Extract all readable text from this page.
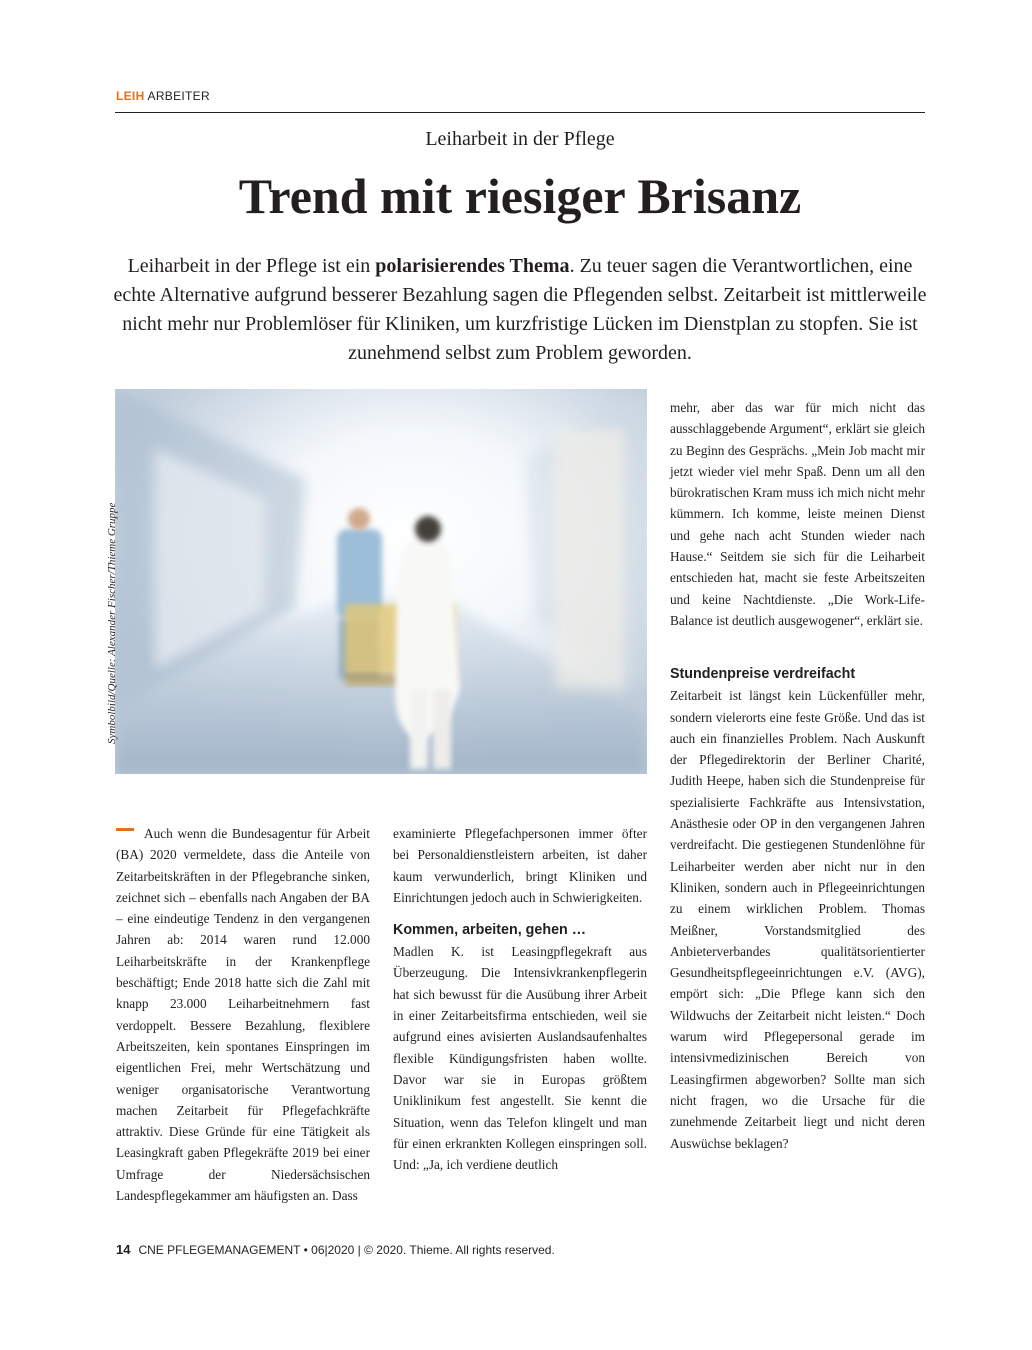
LEIH ARBEITER
Leiharbeit in der Pflege
Trend mit riesiger Brisanz

Leiharbeit in der Pflege ist ein polarisierendes Thema. Zu teuer sagen die Verantwortlichen, eine echte Alternative aufgrund besserer Bezahlung sagen die Pflegenden selbst. Zeitarbeit ist mittlerweile nicht mehr nur Problemlöser für Kliniken, um kurzfristige Lücken im Dienstplan zu stopfen. Sie ist zunehmend selbst zum Problem geworden.

Symbolbild/Quelle: Alexander Fischer/Thieme Gruppe

Auch wenn die Bundesagentur für Arbeit (BA) 2020 vermeldete, dass die Anteile von Zeitarbeitskräften in der Pflegebranche sinken, zeichnet sich – ebenfalls nach Angaben der BA – eine eindeutige Tendenz in den vergangenen Jahren ab: 2014 waren rund 12.000 Leiharbeitskräfte in der Krankenpflege beschäftigt; Ende 2018 hatte sich die Zahl mit knapp 23.000 Leiharbeitnehmern fast verdoppelt. Bessere Bezahlung, flexiblere Arbeitszeiten, kein spontanes Einspringen im eigentlichen Frei, mehr Wertschätzung und weniger organisatorische Verantwortung machen Zeitarbeit für Pflegefachkräfte attraktiv. Diese Gründe für eine Tätigkeit als Leasingkraft gaben Pflegekräfte 2019 bei einer Umfrage der Niedersächsischen Landespflegekammer am häufigsten an. Dass

examinierte Pflegefachpersonen immer öfter bei Personaldienstleistern arbeiten, ist daher kaum verwunderlich, bringt Kliniken und Einrichtungen jedoch auch in Schwierigkeiten.

Kommen, arbeiten, gehen …

Madlen K. ist Leasingpflegekraft aus Überzeugung. Die Intensivkrankenpflegerin hat sich bewusst für die Ausübung ihrer Arbeit in einer Zeitarbeitsfirma entschieden, weil sie aufgrund eines avisierten Auslandsaufenhaltes flexible Kündigungsfristen haben wollte. Davor war sie in Europas größtem Uniklinikum fest angestellt. Sie kennt die Situation, wenn das Telefon klingelt und man für einen erkrankten Kollegen einspringen soll. Und: „Ja, ich verdiene deutlich

mehr, aber das war für mich nicht das ausschlaggebende Argument“, erklärt sie gleich zu Beginn des Gesprächs. „Mein Job macht mir jetzt wieder viel mehr Spaß. Denn um all den bürokratischen Kram muss ich mich nicht mehr kümmern. Ich komme, leiste meinen Dienst und gehe nach acht Stunden wieder nach Hause.“ Seitdem sie sich für die Leiharbeit entschieden hat, macht sie feste Arbeitszeiten und keine Nachtdienste. „Die Work-Life-Balance ist deutlich ausgewogener“, erklärt sie.

Stundenpreise verdreifacht

Zeitarbeit ist längst kein Lückenfüller mehr, sondern vielerorts eine feste Größe. Und das ist auch ein finanzielles Problem. Nach Auskunft der Pflegedirektorin der Berliner Charité, Judith Heepe, haben sich die Stundenpreise für spezialisierte Fachkräfte aus Intensivstation, Anästhesie oder OP in den vergangenen Jahren verdreifacht. Die gestiegenen Stundenlöhne für Leiharbeiter werden aber nicht nur in den Kliniken, sondern auch in Pflegeeinrichtungen zu einem wirklichen Problem. Thomas Meißner, Vorstandsmitglied des Anbieterverbandes qualitätsorientierter Gesundheitspflegeeinrichtungen e.V. (AVG), empört sich: „Die Pflege kann sich den Wildwuchs der Zeitarbeit nicht leisten.“ Doch warum wird Pflegepersonal gerade im intensivmedizinischen Bereich von Leasingfirmen abgeworben? Sollte man sich nicht fragen, wo die Ursache für die zunehmende Zeitarbeit liegt und nicht deren Auswüchse beklagen?

14 CNE PFLEGEMANAGEMENT • 06|2020 | © 2020. Thieme. All rights reserved.
